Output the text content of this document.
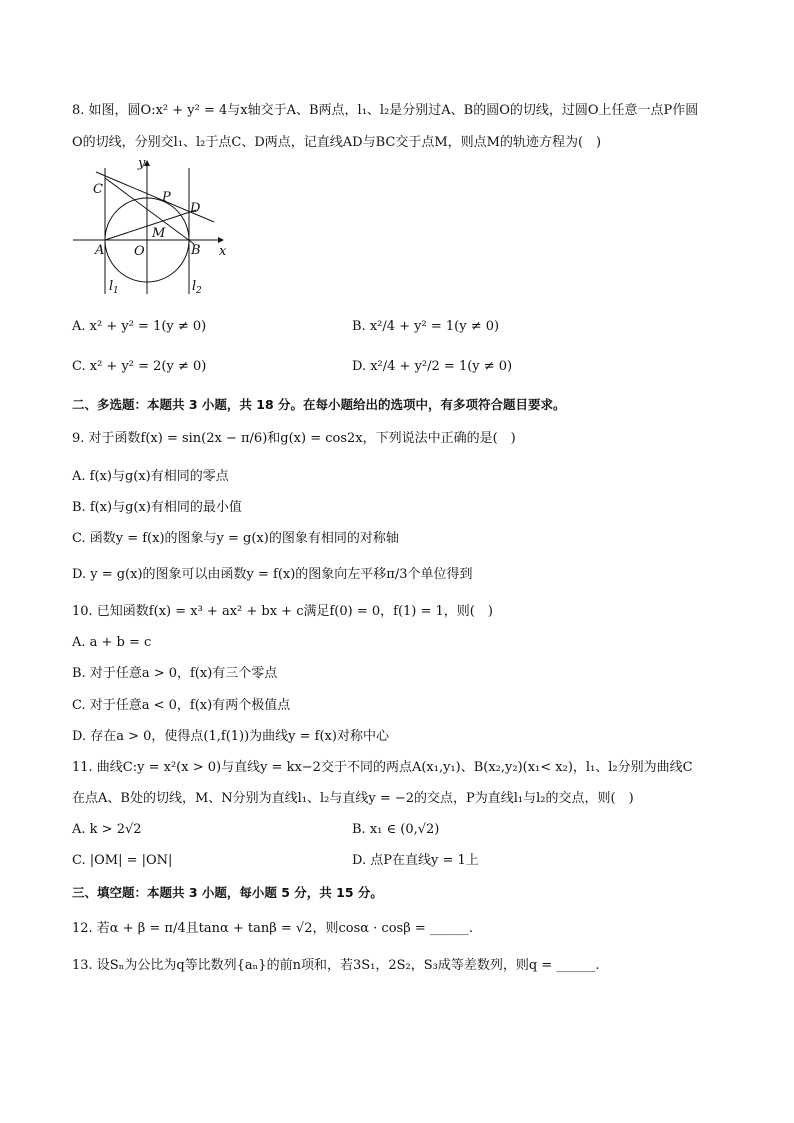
8. 如图，圆O:x² + y² = 4与x轴交于A、B两点，l₁、l₂是分别过A、B的圆O的切线，过圆O上任意一点P作圆
O的切线，分别交l₁、l₂于点C、D两点，记直线AD与BC交于点M，则点M的轨迹方程为(　)
y
x
C
P
D
M
A O	B
l 1	l 2
A. x² + y² = 1(y ≠ 0)	B. x²/4 + y² = 1(y ≠ 0)
C. x² + y² = 2(y ≠ 0)	D. x²/4 + y²/2 = 1(y ≠ 0)
二、多选题：本题共 3 小题，共 18 分。在每小题给出的选项中，有多项符合题目要求。
9. 对于函数f(x) = sin(2x − π/6)和g(x) = cos2x，下列说法中正确的是(　)
A. f(x)与g(x)有相同的零点
B. f(x)与g(x)有相同的最小值
C. 函数y = f(x)的图象与y = g(x)的图象有相同的对称轴
D. y = g(x)的图象可以由函数y = f(x)的图象向左平移π/3个单位得到
10. 已知函数f(x) = x³ + ax² + bx + c满足f(0) = 0，f(1) = 1，则(　)
A. a + b = c
B. 对于任意a > 0，f(x)有三个零点
C. 对于任意a < 0，f(x)有两个极值点
D. 存在a > 0，使得点(1,f(1))为曲线y = f(x)对称中心
11. 曲线C:y = x²(x > 0)与直线y = kx−2交于不同的两点A(x₁,y₁)、B(x₂,y₂)(x₁< x₂)，l₁、l₂分别为曲线C
在点A、B处的切线，M、N分别为直线l₁、l₂与直线y = −2的交点，P为直线l₁与l₂的交点，则(　)
A. k > 2√2	B. x₁ ∈ (0,√2)
C. |OM| = |ON|	D. 点P在直线y = 1上
三、填空题：本题共 3 小题，每小题 5 分，共 15 分。
12. 若α + β = π/4且tanα + tanβ = √2，则cosα · cosβ = ______.
13. 设Sₙ为公比为q等比数列{aₙ}的前n项和，若3S₁，2S₂，S₃成等差数列，则q = ______.
